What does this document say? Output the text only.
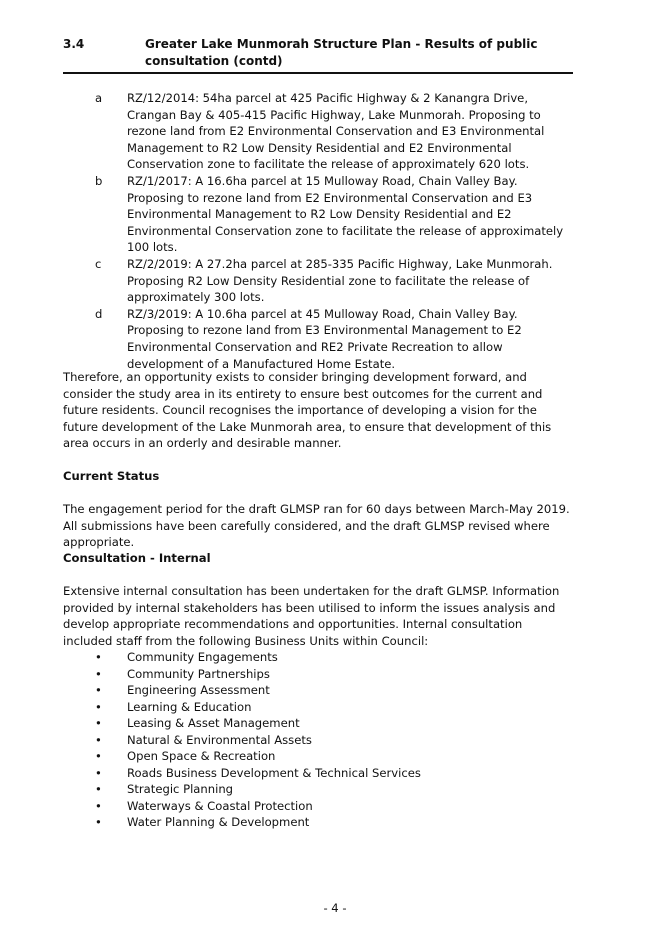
3.4	Greater Lake Munmorah Structure Plan - Results of public consultation (contd)
a	RZ/12/2014: 54ha parcel at 425 Pacific Highway & 2 Kanangra Drive, Crangan Bay & 405-415 Pacific Highway, Lake Munmorah. Proposing to rezone land from E2 Environmental Conservation and E3 Environmental Management to R2 Low Density Residential and E2 Environmental Conservation zone to facilitate the release of approximately 620 lots.
b	RZ/1/2017: A 16.6ha parcel at 15 Mulloway Road, Chain Valley Bay. Proposing to rezone land from E2 Environmental Conservation and E3 Environmental Management to R2 Low Density Residential and E2 Environmental Conservation zone to facilitate the release of approximately 100 lots.
c	RZ/2/2019: A 27.2ha parcel at 285-335 Pacific Highway, Lake Munmorah. Proposing R2 Low Density Residential zone to facilitate the release of approximately 300 lots.
d	RZ/3/2019: A 10.6ha parcel at 45 Mulloway Road, Chain Valley Bay. Proposing to rezone land from E3 Environmental Management to E2 Environmental Conservation and RE2 Private Recreation to allow development of a Manufactured Home Estate.
Therefore, an opportunity exists to consider bringing development forward, and consider the study area in its entirety to ensure best outcomes for the current and future residents. Council recognises the importance of developing a vision for the future development of the Lake Munmorah area, to ensure that development of this area occurs in an orderly and desirable manner.
Current Status
The engagement period for the draft GLMSP ran for 60 days between March-May 2019. All submissions have been carefully considered, and the draft GLMSP revised where appropriate.
Consultation - Internal
Extensive internal consultation has been undertaken for the draft GLMSP. Information provided by internal stakeholders has been utilised to inform the issues analysis and develop appropriate recommendations and opportunities. Internal consultation included staff from the following Business Units within Council:
•	Community Engagements
•	Community Partnerships
•	Engineering Assessment
•	Learning & Education
•	Leasing & Asset Management
•	Natural & Environmental Assets
•	Open Space & Recreation
•	Roads Business Development & Technical Services
•	Strategic Planning
•	Waterways & Coastal Protection
•	Water Planning & Development
- 4 -
